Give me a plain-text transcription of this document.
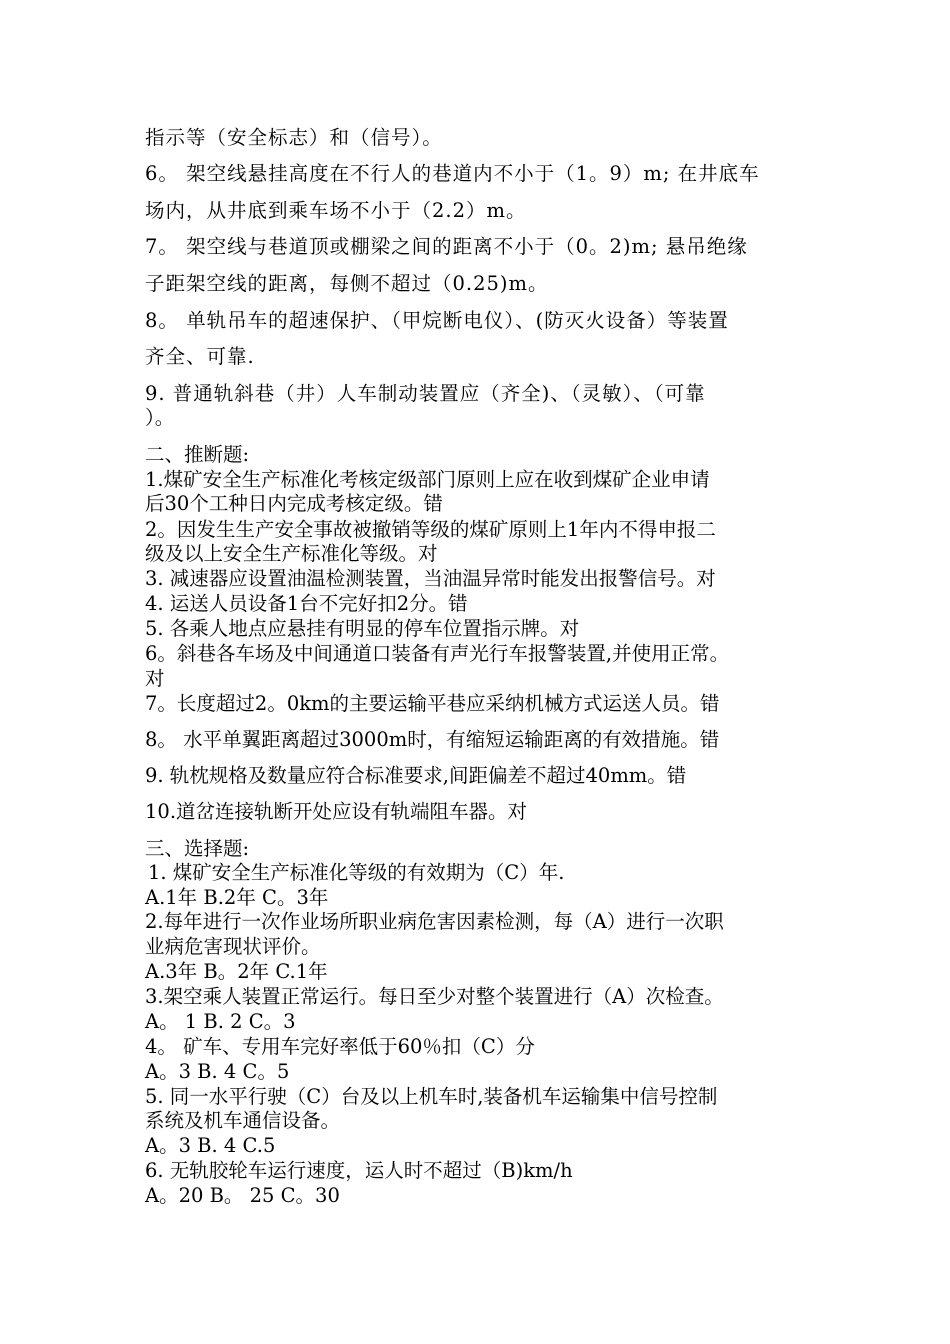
指示等（安全标志）和（信号）。
6。 架空线悬挂高度在不行人的巷道内不小于（1。9）m; 在井底车
场内，从井底到乘车场不小于（2.2）m。
7。 架空线与巷道顶或棚梁之间的距离不小于（0。2)m; 悬吊绝缘
子距架空线的距离，每侧不超过（0.25)m。
8。 单轨吊车的超速保护、（甲烷断电仪）、(防灭火设备）等装置
齐全、可靠.
9. 普通轨斜巷（井）人车制动装置应（齐全)、（灵敏）、（可靠
）。
二、推断题:
1.煤矿安全生产标准化考核定级部门原则上应在收到煤矿企业申请
后30个工种日内完成考核定级。错
2。因发生生产安全事故被撤销等级的煤矿原则上1年内不得申报二
级及以上安全生产标准化等级。对
3. 减速器应设置油温检测装置，当油温异常时能发出报警信号。对
4. 运送人员设备1台不完好扣2分。错
5. 各乘人地点应悬挂有明显的停车位置指示牌。对
6。斜巷各车场及中间通道口装备有声光行车报警装置,并使用正常。
对
7。长度超过2。0km的主要运输平巷应采纳机械方式运送人员。错
8。 水平单翼距离超过3000m时，有缩短运输距离的有效措施。错
9. 轨枕规格及数量应符合标准要求,间距偏差不超过40mm。错
10.道岔连接轨断开处应设有轨端阻车器。对
三、选择题:
1. 煤矿安全生产标准化等级的有效期为（C）年.
A.1年 B.2年 C。3年
2.每年进行一次作业场所职业病危害因素检测，每（A）进行一次职
业病危害现状评价。
A.3年 B。2年 C.1年
3.架空乘人装置正常运行。每日至少对整个装置进行（A）次检查。
A。 1 B. 2 C。3
4。 矿车、专用车完好率低于60％扣（C）分
A。3 B. 4 C。5
5. 同一水平行驶（C）台及以上机车时,装备机车运输集中信号控制
系统及机车通信设备。
A。3 B. 4 C.5
6. 无轨胶轮车运行速度，运人时不超过（B)km/h
A。20 B。 25 C。30
